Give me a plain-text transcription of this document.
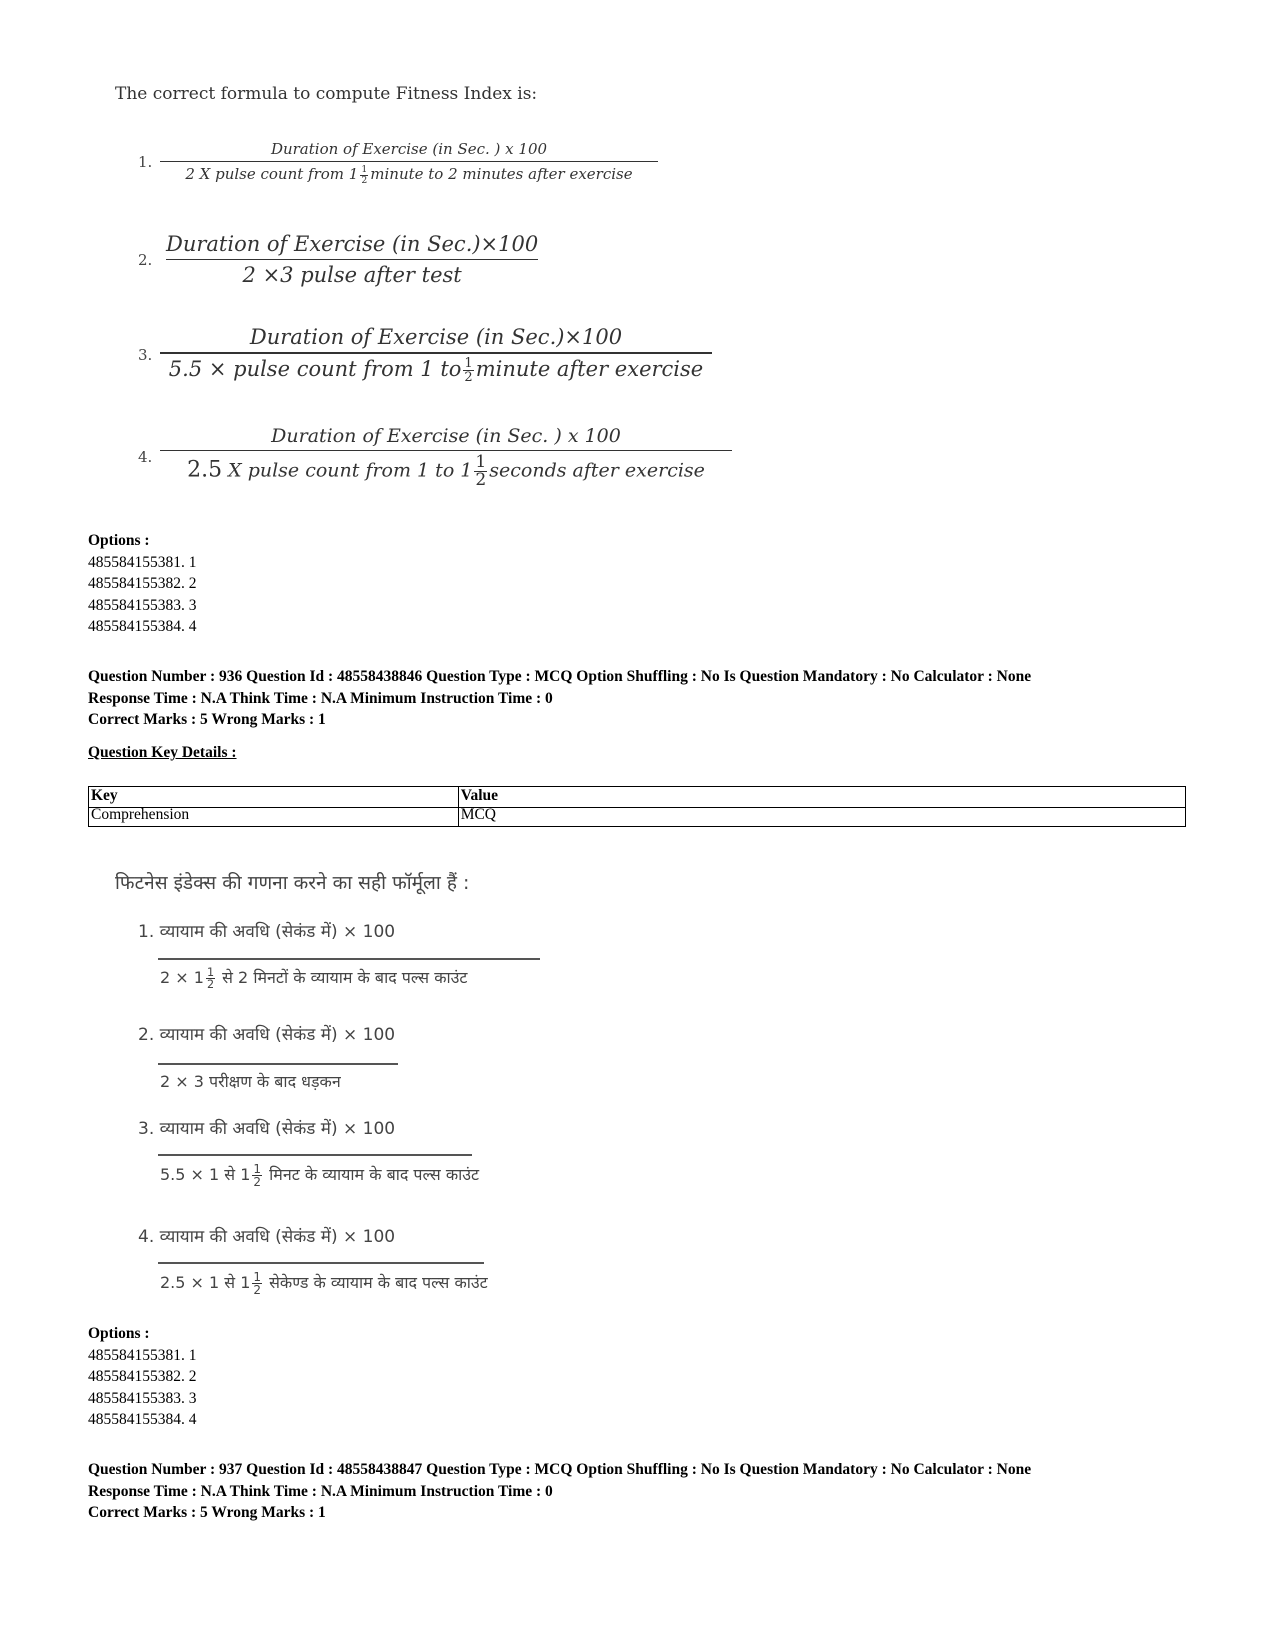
The correct formula to compute Fitness Index is:
1. $\frac{\text{Duration of Exercise (in Sec. ) x 100}}{2 X pulse count from 1 \frac{1}{2} minute to 2 minutes after exercise}$
2. $\frac{\text{Duration of Exercise (in Sec.)×100}}{\text{2 ×3 pulse after test}}$
3. $\frac{\text{Duration of Exercise (in Sec.)×100}}{5.5 \times pulse count from 1 to \frac{1}{2} minute after exercise}$
4. $\frac{\text{Duration of Exercise (in Sec. ) x 100}}{2.5 X pulse count from 1 to 1 \frac{1}{2} seconds after exercise}$
Options :
485584155381. 1
485584155382. 2
485584155383. 3
485584155384. 4
Question Number : 936 Question Id : 48558438846 Question Type : MCQ Option Shuffling : No Is Question Mandatory : No Calculator : None
Response Time : N.A Think Time : N.A Minimum Instruction Time : 0
Correct Marks : 5 Wrong Marks : 1
Question Key Details :
Key	Value
Comprehension	MCQ
फिटनेस इंडेक्स की गणना करने का सही फॉर्मूला हैं :
1. व्यायाम की अवधि (सेकंड में) × 100
$2 \times 1 \frac{1}{2}$ से 2 मिनटों के व्यायाम के बाद पल्स काउंट
2. व्यायाम की अवधि (सेकंड में) × 100
2 × 3 परीक्षण के बाद धड़कन
3. व्यायाम की अवधि (सेकंड में) × 100
5.5 × 1 से $1 \frac{1}{2}$ मिनट के व्यायाम के बाद पल्स काउंट
4. व्यायाम की अवधि (सेकंड में) × 100
2.5 × 1 से $1 \frac{1}{2}$ सेकेण्ड के व्यायाम के बाद पल्स काउंट
Options :
485584155381. 1
485584155382. 2
485584155383. 3
485584155384. 4
Question Number : 937 Question Id : 48558438847 Question Type : MCQ Option Shuffling : No Is Question Mandatory : No Calculator : None
Response Time : N.A Think Time : N.A Minimum Instruction Time : 0
Correct Marks : 5 Wrong Marks : 1
